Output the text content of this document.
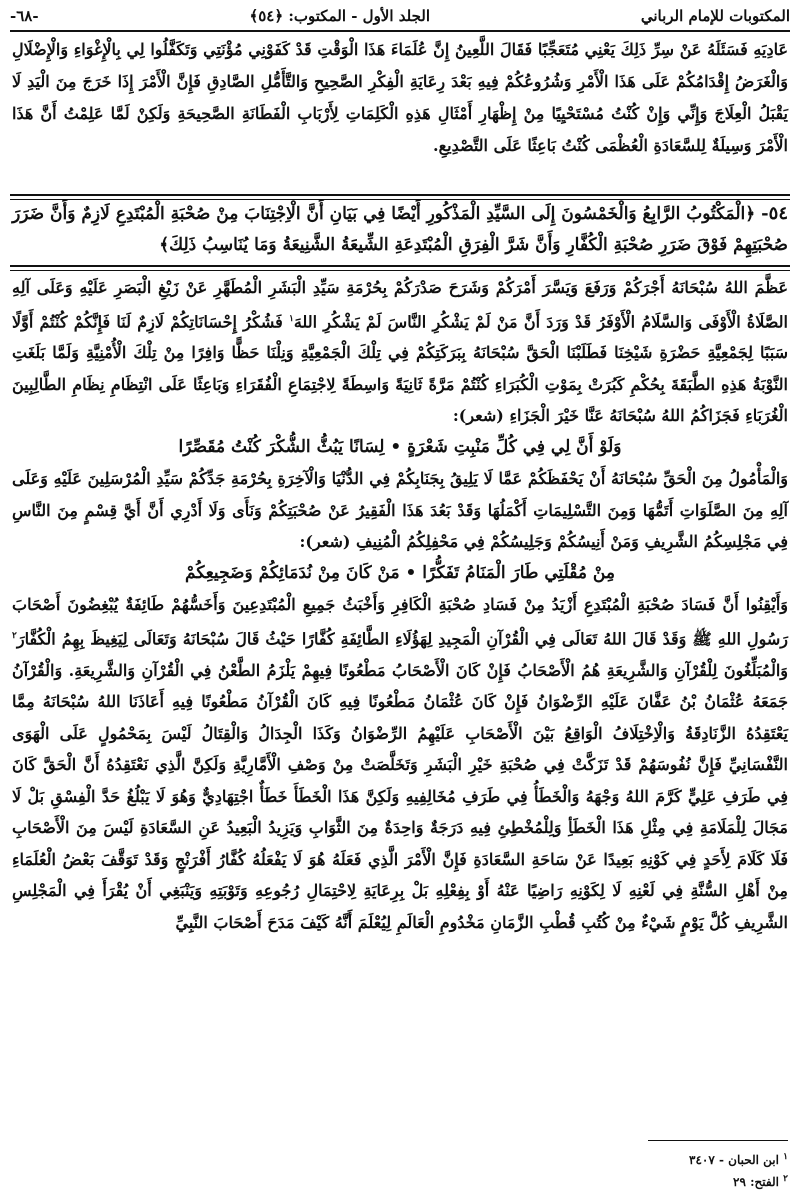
المكتوبات للإمام الرباني
الجلد الأول - المكتوب: ﴿٥٤﴾
-٦٨-

عَادِيَهِ فَسَئَلَهُ عَنْ سِرِّ ذَلِكَ يَعْنِي مُتَعَجِّبًا فَقَالَ اللَّعِينُ إِنَّ عُلَمَاءَ هَذَا الْوَقْتِ قَدْ كَفَوْنِي مُؤْنَتِي وَتَكَفَّلُوا لِي بِالْإِغْوَاءِ وَالْإِضْلَالِ وَالْغَرَضُ إِقْدَامُكُمْ عَلَى هَذَا الْأَمْرِ وَشُرُوعُكُمْ فِيهِ بَعْدَ رِعَايَةِ الْفِكْرِ الصَّحِيحِ وَالتَّأَمُّلِ الصَّادِقِ فَإِنَّ الْأَمْرَ إِذَا خَرَجَ مِنَ الْيَدِ لَا يَقْبَلُ الْعِلَاجَ وَإِنِّي وَإِنْ كُنْتُ مُسْتَحْيِيًا مِنْ إِظْهَارِ أَمْثَالِ هَذِهِ الْكَلِمَاتِ لِأَرْبَابِ الْفَطَانَةِ الصَّحِيحَةِ وَلَكِنْ لَمَّا عَلِمْتُ أَنَّ هَذَا الْأَمْرَ وَسِيلَةٌ لِلسَّعَادَةِ الْعُظْمَى كُنْتُ بَاعِثًا عَلَى التَّصْدِيعِ.

٥٤- ﴿الْمَكْتُوبُ الرَّابِعُ وَالْخَمْسُونَ إِلَى السَّيِّدِ الْمَذْكُورِ أَيْضًا فِي بَيَانِ أَنَّ الْاِجْتِنَابَ مِنْ صُحْبَةِ الْمُبْتَدِعِ لَازِمٌ وَأَنَّ ضَرَرَ صُحْبَتِهِمْ فَوْقَ ضَرَرِ صُحْبَةِ الْكُفَّارِ وَأَنَّ شَرَّ الْفِرَقِ الْمُبْتَدِعَةِ الشِّيعَةُ الشَّنِيعَةُ وَمَا يُنَاسِبُ ذَلِكَ﴾

عَظَّمَ اللهُ سُبْحَانَهُ أَجْرَكُمْ وَرَفَعَ وَيَسَّرَ أَمْرَكُمْ وَشَرَحَ صَدْرَكُمْ بِحُرْمَةِ سَيِّدِ الْبَشَرِ الْمُطَهَّرِ عَنْ زَيْغِ الْبَصَرِ عَلَيْهِ وَعَلَى آلِهِ الصَّلَاةُ الْأَوْفَى وَالسَّلَامُ الْأَوْفَرُ قَدْ وَرَدَ أَنَّ مَنْ لَمْ يَشْكُرِ النَّاسَ لَمْ يَشْكُرِ اللهَ$^١$ فَشُكْرُ إِحْسَانَاتِكُمْ لَازِمٌ لَنَا فَإِنَّكُمْ كُنْتُمْ أَوَّلًا سَبَبًا لِجَمْعِيَّةِ حَضْرَةِ شَيْخِنَا فَطَلَبْنَا الْحَقَّ سُبْحَانَهُ بِبَرَكَتِكُمْ فِي تِلْكَ الْجَمْعِيَّةِ وَنِلْنَا حَظًّا وَافِرًا مِنْ تِلْكَ الْأُمْنِيَّةِ وَلَمَّا بَلَغَتِ النَّوْبَةُ هَذِهِ الطَّبَقَةَ بِحُكْمِ كَبُرَتْ بِمَوْتِ الْكُبَرَاءِ كُنْتُمْ مَرَّةً ثَانِيَةً وَاسِطَةً لِاجْتِمَاعِ الْفُقَرَاءِ وَبَاعِثًا عَلَى انْتِظَامِ نِظَامِ الطَّالِبِينَ الْغُرَبَاءِ فَجَزَاكُمُ اللهُ سُبْحَانَهُ عَنَّا خَيْرَ الْجَزَاءِ (شعر):

وَلَوْ أَنَّ لِي فِي كُلِّ مَنْبِتِ شَعْرَةٍ • لِسَانًا يَبُثُّ الشُّكْرَ كُنْتُ مُقَصِّرًا

وَالْمَأْمُولُ مِنَ الْحَقِّ سُبْحَانَهُ أَنْ يَحْفَظَكُمْ عَمَّا لَا يَلِيقُ بِجَنَابِكُمْ فِي الدُّنْيَا وَالْآخِرَةِ بِحُرْمَةِ جَدِّكُمْ سَيِّدِ الْمُرْسَلِينَ عَلَيْهِ وَعَلَى آلِهِ مِنَ الصَّلَوَاتِ أَتَمُّهَا وَمِنَ التَّسْلِيمَاتِ أَكْمَلُهَا وَقَدْ بَعُدَ هَذَا الْفَقِيرُ عَنْ صُحْبَتِكُمْ وَنَأَى وَلَا أَدْرِي أَنَّ أَيَّ قِسْمٍ مِنَ النَّاسِ فِي مَجْلِسِكُمُ الشَّرِيفِ وَمَنْ أَنِيسُكُمْ وَجَلِيسُكُمْ فِي مَحْفِلِكُمُ الْمُنِيفِ (شعر):

مِنْ مُقْلَتِي طَارَ الْمَنَامُ تَفَكُّرًا • مَنْ كَانَ مِنْ نُدَمَائِكُمْ وَضَجِيعِكُمْ

وَأَيْقِنُوا أَنَّ فَسَادَ صُحْبَةِ الْمُبْتَدِعِ أَزْيَدُ مِنْ فَسَادِ صُحْبَةِ الْكَافِرِ وَأَخْبَثُ جَمِيعِ الْمُبْتَدِعِينَ وَأَخَسُّهُمْ طَائِفَةٌ يُبْغِضُونَ أَصْحَابَ رَسُولِ اللهِ ﷺ وَقَدْ قَالَ اللهُ تَعَالَى فِي الْقُرْآنِ الْمَجِيدِ لِهَؤُلَاءِ الطَّائِفَةِ كُفَّارًا حَيْثُ قَالَ سُبْحَانَهُ وَتَعَالَى لِيَغِيظَ بِهِمُ الْكُفَّارَ$^٢$ وَالْمُبَلِّغُونَ لِلْقُرْآنِ وَالشَّرِيعَةِ هُمُ الْأَصْحَابُ فَإِنْ كَانَ الْأَصْحَابُ مَطْعُونًا فِيهِمْ يَلْزَمُ الطَّعْنُ فِي الْقُرْآنِ وَالشَّرِيعَةِ. وَالْقُرْآنُ جَمَعَهُ عُثْمَانُ بْنُ عَفَّانَ عَلَيْهِ الرِّضْوَانُ فَإِنْ كَانَ عُثْمَانُ مَطْعُونًا فِيهِ كَانَ الْقُرْآنُ مَطْعُونًا فِيهِ أَعَاذَنَا اللهُ سُبْحَانَهُ مِمَّا يَعْتَقِدُهُ الزَّنَادِقَةُ وَالْاِخْتِلَافُ الْوَاقِعُ بَيْنَ الْأَصْحَابِ عَلَيْهِمُ الرِّضْوَانُ وَكَذَا الْجِدَالُ وَالْقِتَالُ لَيْسَ بِمَحْمُولٍ عَلَى الْهَوَى النَّفْسَانِيِّ فَإِنَّ نُفُوسَهُمْ قَدْ تَزَكَّتْ فِي صُحْبَةِ خَيْرِ الْبَشَرِ وَتَخَلَّصَتْ مِنْ وَصْفِ الْأَمَّارِيَّةِ وَلَكِنَّ الَّذِي نَعْتَقِدُهُ أَنَّ الْحَقَّ كَانَ فِي طَرَفِ عَلِيٍّ كَرَّمَ اللهُ وَجْهَهُ وَالْخَطَأُ فِي طَرَفِ مُخَالِفِيهِ وَلَكِنَّ هَذَا الْخَطَأَ خَطَأٌ اجْتِهَادِيٌّ وَهُوَ لَا يَبْلُغُ حَدَّ الْفِسْقِ بَلْ لَا مَجَالَ لِلْمَلَامَةِ فِي مِثْلِ هَذَا الْخَطَأِ وَلِلْمُخْطِئِ فِيهِ دَرَجَةٌ وَاحِدَةٌ مِنَ الثَّوَابِ وَيَزِيدُ الْبَعِيدُ عَنِ السَّعَادَةِ لَيْسَ مِنَ الْأَصْحَابِ فَلَا كَلَامَ لِأَحَدٍ فِي كَوْنِهِ بَعِيدًا عَنْ سَاحَةِ السَّعَادَةِ فَإِنَّ الْأَمْرَ الَّذِي فَعَلَهُ هُوَ لَا يَفْعَلُهُ كُفَّارُ أَفْرَنْجٍ وَقَدْ تَوَقَّفَ بَعْضُ الْعُلَمَاءِ مِنْ أَهْلِ السُّنَّةِ فِي لَعْنِهِ لَا لِكَوْنِهِ رَاضِيًا عَنْهُ أَوْ بِفِعْلِهِ بَلْ بِرِعَايَةِ لِاحْتِمَالِ رُجُوعِهِ وَتَوْبَتِهِ وَيَنْبَغِي أَنْ يُقْرَأَ فِي الْمَجْلِسِ الشَّرِيفِ كُلَّ يَوْمٍ شَيْءٌ مِنْ كُتُبِ قُطْبِ الزَّمَانِ مَخْدُومِ الْعَالَمِ لِيُعْلَمَ أَنَّهُ كَيْفَ مَدَحَ أَصْحَابَ النَّبِيِّ

$^١$ ابن الحبان - ٣٤٠٧
$^٢$ الفتح: ٢٩
